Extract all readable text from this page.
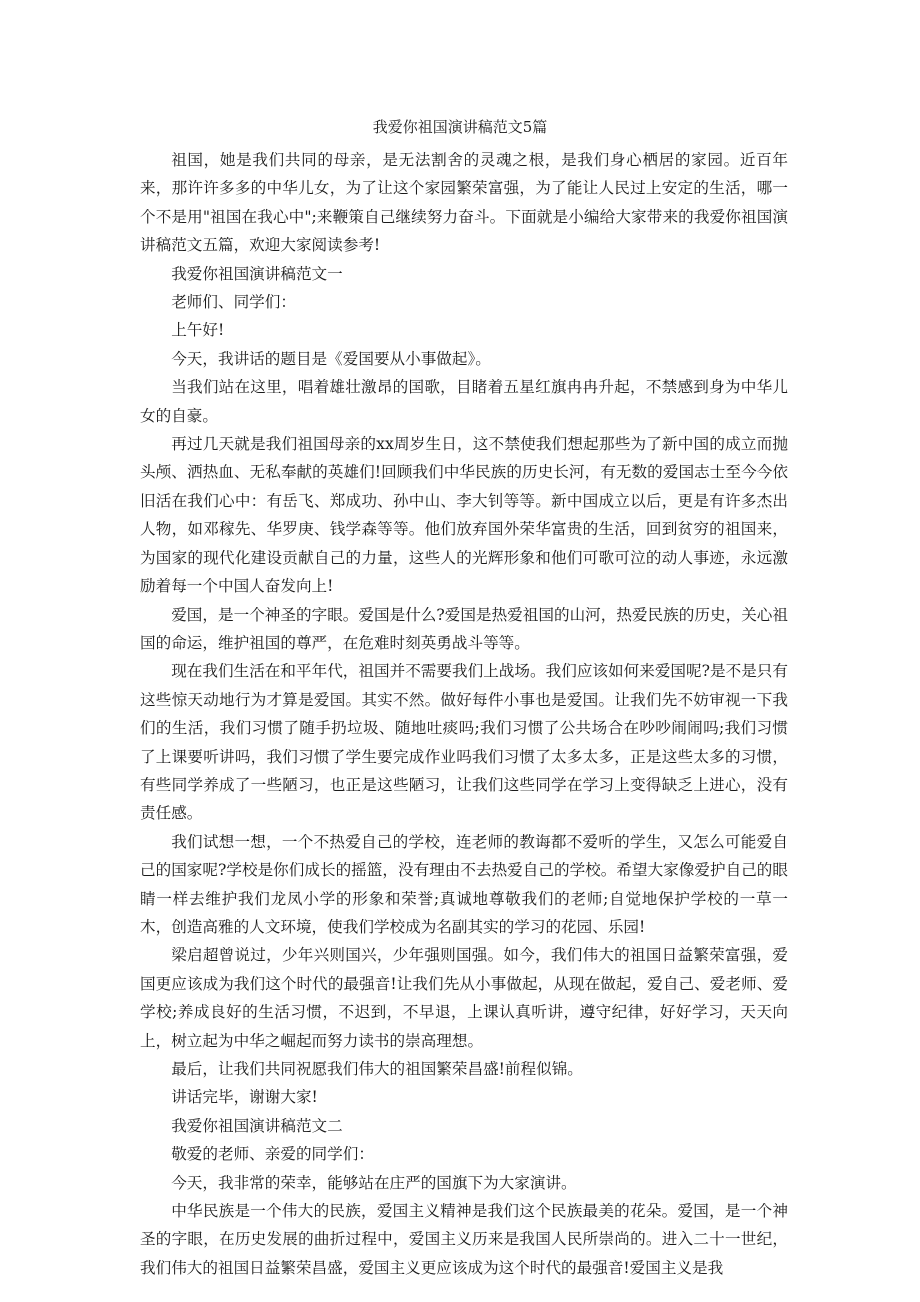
我爱你祖国演讲稿范文5篇

祖国，她是我们共同的母亲，是无法割舍的灵魂之根，是我们身心栖居的家园。近百年来，那许许多多的中华儿女，为了让这个家园繁荣富强，为了能让人民过上安定的生活，哪一个不是用"祖国在我心中";来鞭策自己继续努力奋斗。下面就是小编给大家带来的我爱你祖国演讲稿范文五篇，欢迎大家阅读参考!

我爱你祖国演讲稿范文一

老师们、同学们：

上午好!

今天，我讲话的题目是《爱国要从小事做起》。

当我们站在这里，唱着雄壮激昂的国歌，目睹着五星红旗冉冉升起，不禁感到身为中华儿女的自豪。

再过几天就是我们祖国母亲的xx周岁生日，这不禁使我们想起那些为了新中国的成立而抛头颅、洒热血、无私奉献的英雄们!回顾我们中华民族的历史长河，有无数的爱国志士至今今依旧活在我们心中：有岳飞、郑成功、孙中山、李大钊等等。新中国成立以后，更是有许多杰出人物，如邓稼先、华罗庚、钱学森等等。他们放弃国外荣华富贵的生活，回到贫穷的祖国来，为国家的现代化建设贡献自己的力量，这些人的光辉形象和他们可歌可泣的动人事迹，永远激励着每一个中国人奋发向上!

爱国，是一个神圣的字眼。爱国是什么?爱国是热爱祖国的山河，热爱民族的历史，关心祖国的命运，维护祖国的尊严，在危难时刻英勇战斗等等。

现在我们生活在和平年代，祖国并不需要我们上战场。我们应该如何来爱国呢?是不是只有这些惊天动地行为才算是爱国。其实不然。做好每件小事也是爱国。让我们先不妨审视一下我们的生活，我们习惯了随手扔垃圾、随地吐痰吗;我们习惯了公共场合在吵吵闹闹吗;我们习惯了上课要听讲吗，我们习惯了学生要完成作业吗我们习惯了太多太多，正是这些太多的习惯，有些同学养成了一些陋习，也正是这些陋习，让我们这些同学在学习上变得缺乏上进心，没有责任感。

我们试想一想，一个不热爱自己的学校，连老师的教诲都不爱听的学生，又怎么可能爱自己的国家呢?学校是你们成长的摇篮，没有理由不去热爱自己的学校。希望大家像爱护自己的眼睛一样去维护我们龙凤小学的形象和荣誉;真诚地尊敬我们的老师;自觉地保护学校的一草一木，创造高雅的人文环境，使我们学校成为名副其实的学习的花园、乐园!

梁启超曾说过，少年兴则国兴，少年强则国强。如今，我们伟大的祖国日益繁荣富强，爱国更应该成为我们这个时代的最强音!让我们先从小事做起，从现在做起，爱自己、爱老师、爱学校;养成良好的生活习惯，不迟到，不早退，上课认真听讲，遵守纪律，好好学习，天天向上，树立起为中华之崛起而努力读书的崇高理想。

最后，让我们共同祝愿我们伟大的祖国繁荣昌盛!前程似锦。

讲话完毕，谢谢大家!

我爱你祖国演讲稿范文二

敬爱的老师、亲爱的同学们：

今天，我非常的荣幸，能够站在庄严的国旗下为大家演讲。

中华民族是一个伟大的民族，爱国主义精神是我们这个民族最美的花朵。爱国，是一个神圣的字眼，在历史发展的曲折过程中，爱国主义历来是我国人民所崇尚的。进入二十一世纪，我们伟大的祖国日益繁荣昌盛，爱国主义更应该成为这个时代的最强音!爱国主义是我
